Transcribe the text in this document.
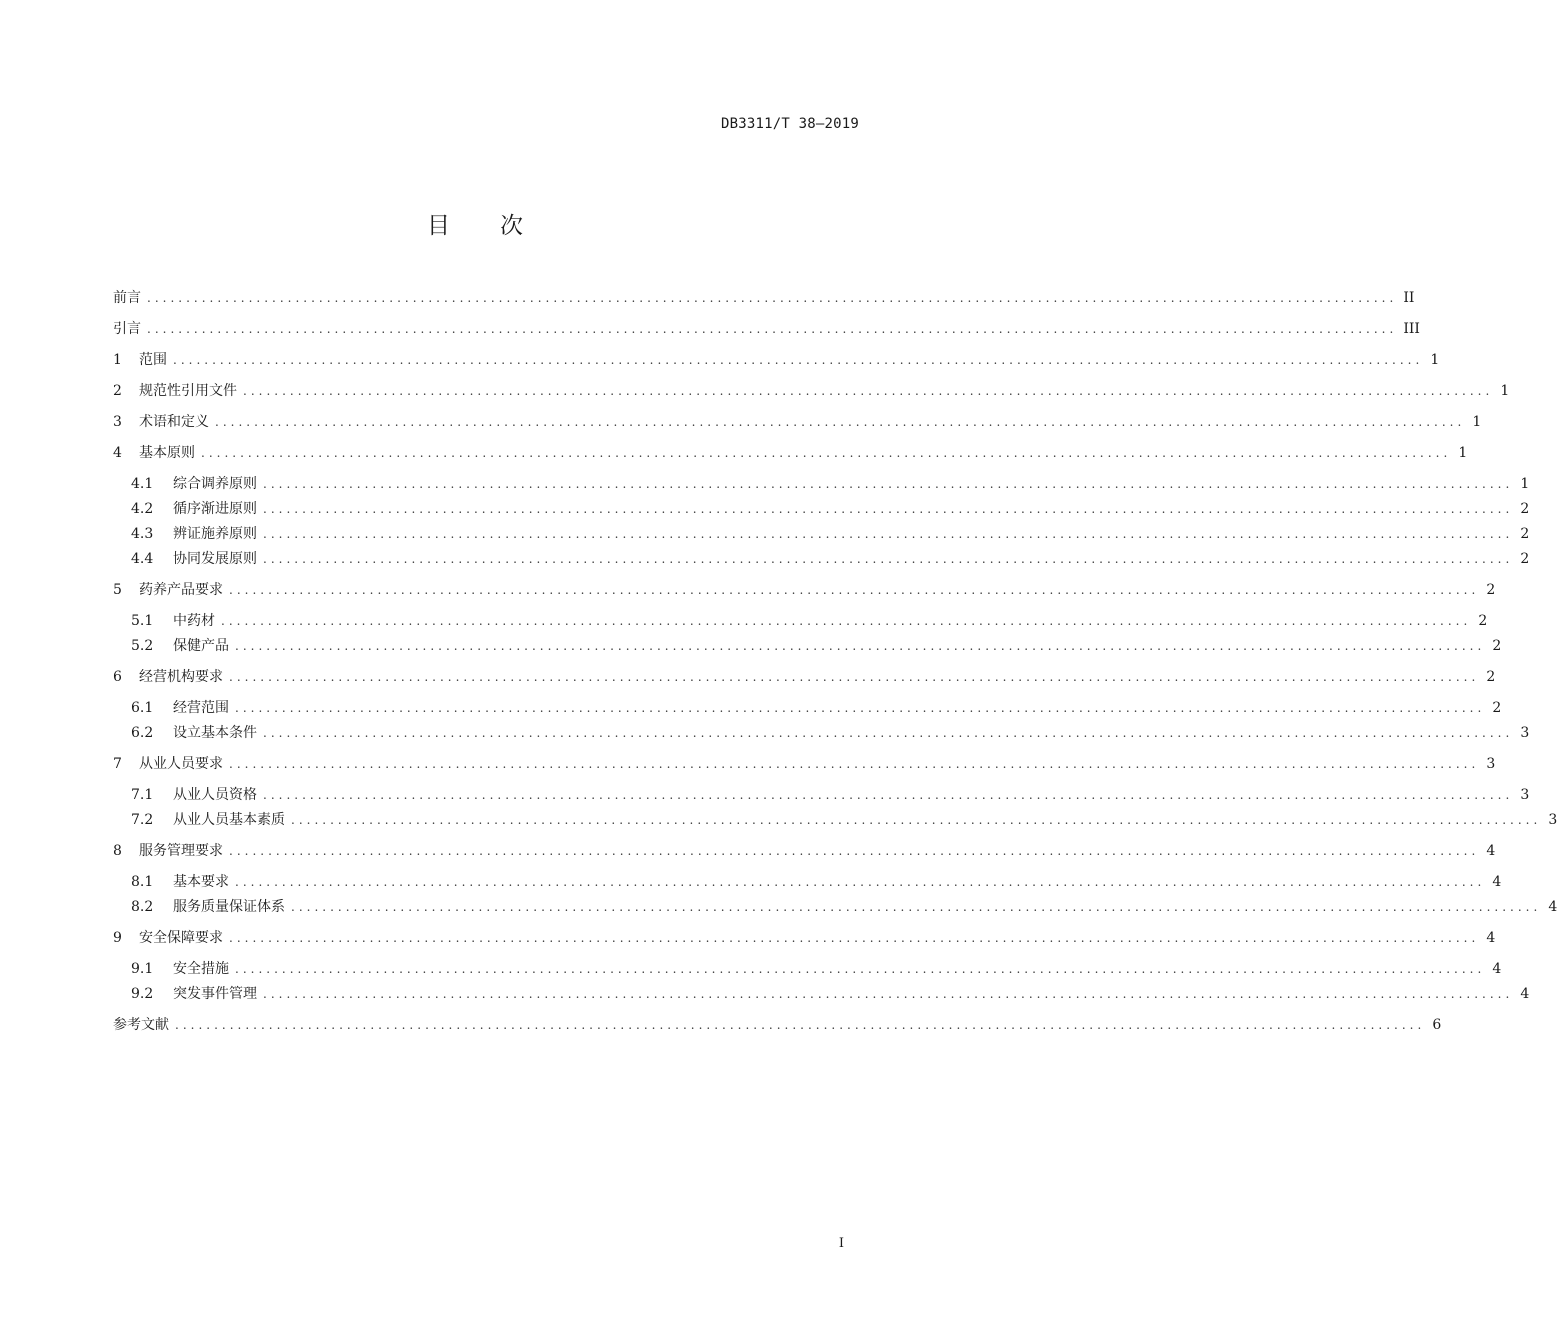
DB3311/T 38—2019
目 次
前言 ................................................................................................................................................................ II
引言 ................................................................................................................................................................ III
1	范围 ................................................................................................................................................................ 1
2	规范性引用文件 ................................................................................................................................................................ 1
3	术语和定义 ................................................................................................................................................................ 1
4	基本原则 ................................................................................................................................................................ 1
4.1	综合调养原则 ................................................................................................................................................................ 1
4.2	循序渐进原则 ................................................................................................................................................................ 2
4.3	辨证施养原则 ................................................................................................................................................................ 2
4.4	协同发展原则 ................................................................................................................................................................ 2
5	药养产品要求 ................................................................................................................................................................ 2
5.1	中药材 ................................................................................................................................................................ 2
5.2	保健产品 ................................................................................................................................................................ 2
6	经营机构要求 ................................................................................................................................................................ 2
6.1	经营范围 ................................................................................................................................................................ 2
6.2	设立基本条件 ................................................................................................................................................................ 3
7	从业人员要求 ................................................................................................................................................................ 3
7.1	从业人员资格 ................................................................................................................................................................ 3
7.2	从业人员基本素质 ................................................................................................................................................................ 3
8	服务管理要求 ................................................................................................................................................................ 4
8.1	基本要求 ................................................................................................................................................................ 4
8.2	服务质量保证体系 ................................................................................................................................................................ 4
9	安全保障要求 ................................................................................................................................................................ 4
9.1	安全措施 ................................................................................................................................................................ 4
9.2	突发事件管理 ................................................................................................................................................................ 4
参考文献 ................................................................................................................................................................ 6
I
